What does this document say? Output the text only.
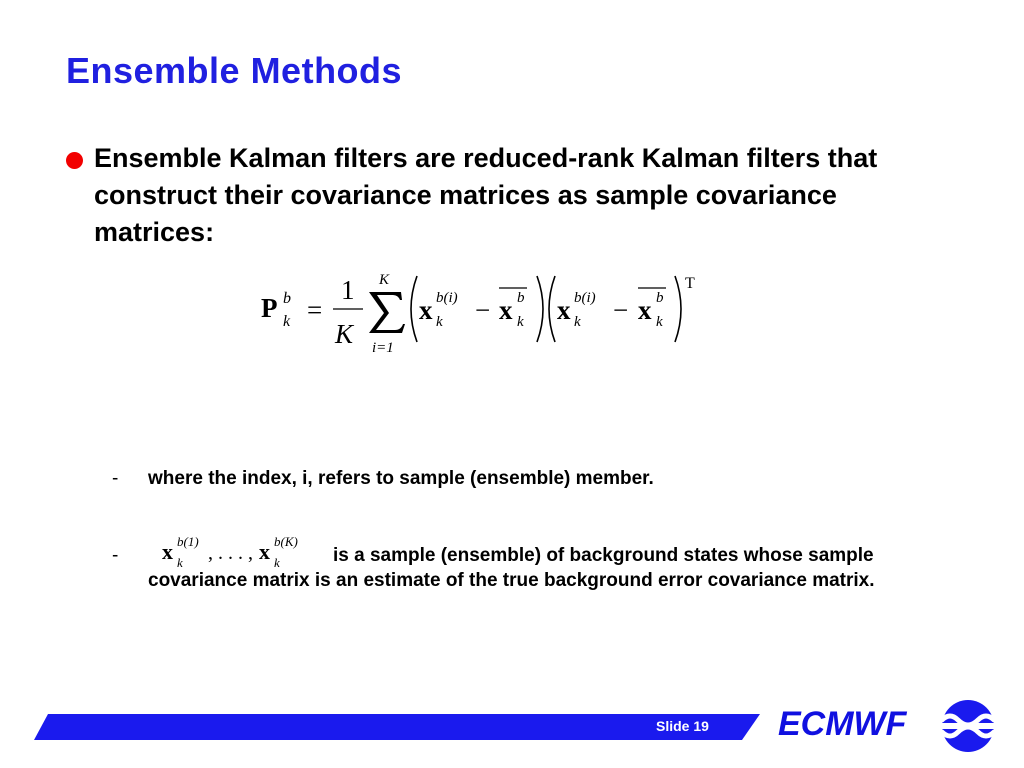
Ensemble Methods
Ensemble Kalman filters are reduced-rank Kalman filters that construct their covariance matrices as sample covariance matrices:
P b
k =
1
K
K
i=1
x b(i)
k − x b
k x b(i)
k − x b
k
T
- where the index, i, refers to sample (ensemble) member.
x b(1)
k , . . . , x b(K)
k
-	is a sample (ensemble) of background states whose sample covariance matrix is an estimate of the true background error covariance matrix.
Slide 19 ECMWF
